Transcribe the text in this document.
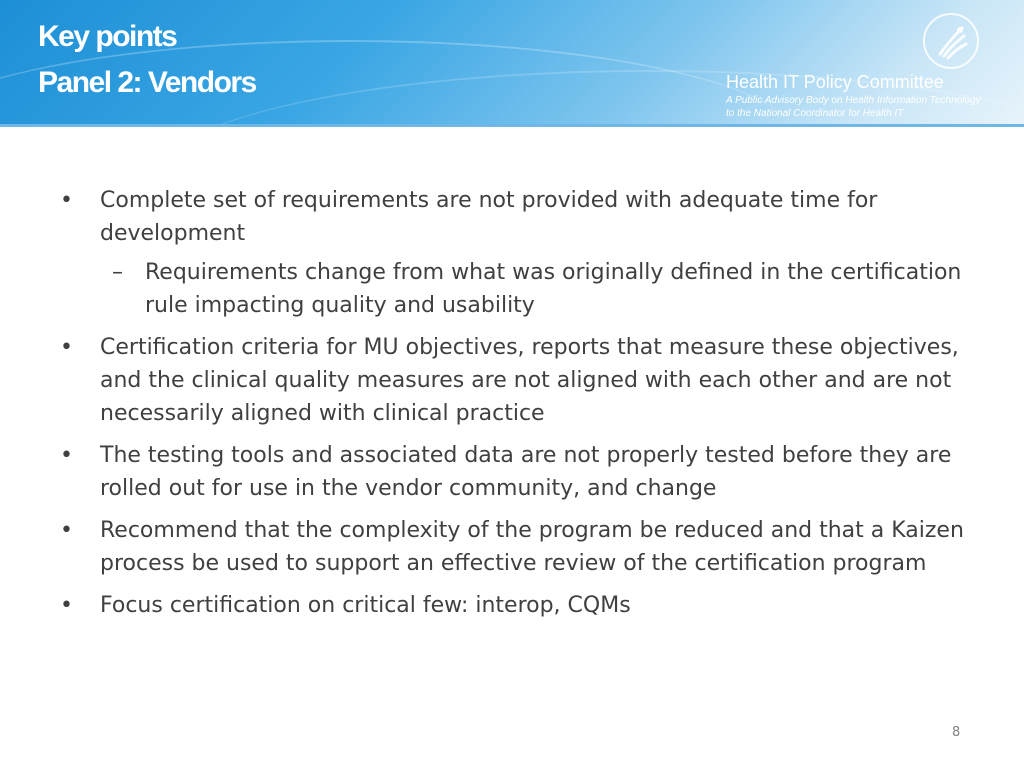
Key points
Panel 2: Vendors	Health IT Policy Committee
A Public Advisory Body on Health Information Technology
to the National Coordinator for Health IT
• Complete set of requirements are not provided with adequate time for development
– Requirements change from what was originally defined in the certification rule impacting quality and usability
• Certification criteria for MU objectives, reports that measure these objectives, and the clinical quality measures are not aligned with each other and are not necessarily aligned with clinical practice
• The testing tools and associated data are not properly tested before they are rolled out for use in the vendor community, and change
• Recommend that the complexity of the program be reduced and that a Kaizen process be used to support an effective review of the certification program
• Focus certification on critical few: interop, CQMs
8
